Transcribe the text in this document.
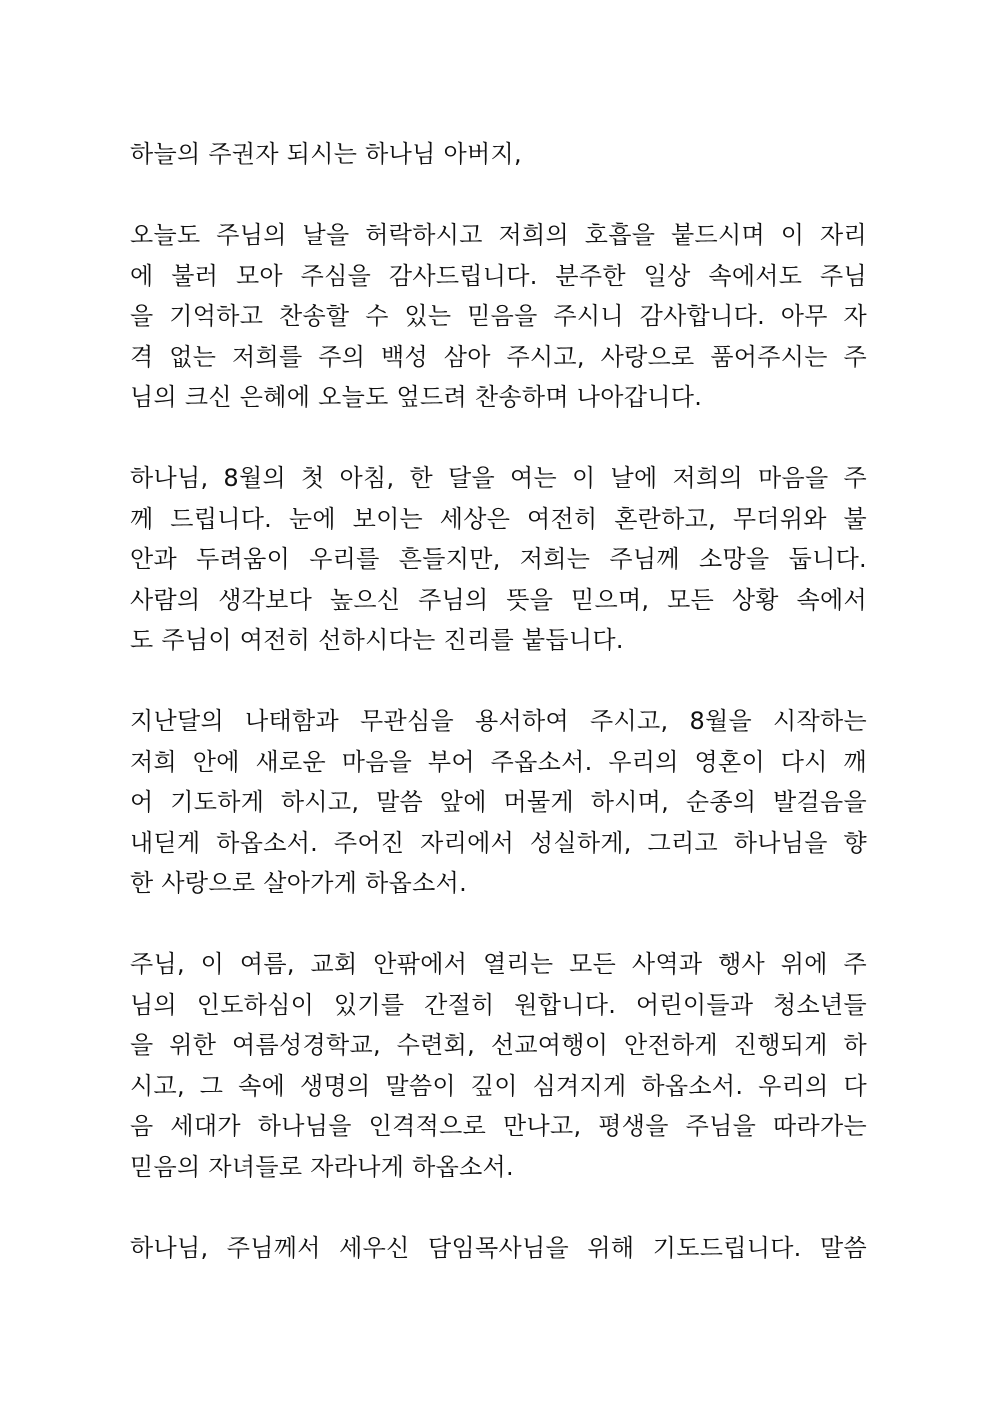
하늘의 주권자 되시는 하나님 아버지,
오늘도 주님의 날을 허락하시고 저희의 호흡을 붙드시며 이 자리
에 불러 모아 주심을 감사드립니다. 분주한 일상 속에서도 주님
을 기억하고 찬송할 수 있는 믿음을 주시니 감사합니다. 아무 자
격 없는 저희를 주의 백성 삼아 주시고, 사랑으로 품어주시는 주
님의 크신 은혜에 오늘도 엎드려 찬송하며 나아갑니다.
하나님, 8월의 첫 아침, 한 달을 여는 이 날에 저희의 마음을 주
께 드립니다. 눈에 보이는 세상은 여전히 혼란하고, 무더위와 불
안과 두려움이 우리를 흔들지만, 저희는 주님께 소망을 둡니다.
사람의 생각보다 높으신 주님의 뜻을 믿으며, 모든 상황 속에서
도 주님이 여전히 선하시다는 진리를 붙듭니다.
지난달의 나태함과 무관심을 용서하여 주시고, 8월을 시작하는
저희 안에 새로운 마음을 부어 주옵소서. 우리의 영혼이 다시 깨
어 기도하게 하시고, 말씀 앞에 머물게 하시며, 순종의 발걸음을
내딛게 하옵소서. 주어진 자리에서 성실하게, 그리고 하나님을 향
한 사랑으로 살아가게 하옵소서.
주님, 이 여름, 교회 안팎에서 열리는 모든 사역과 행사 위에 주
님의 인도하심이 있기를 간절히 원합니다. 어린이들과 청소년들
을 위한 여름성경학교, 수련회, 선교여행이 안전하게 진행되게 하
시고, 그 속에 생명의 말씀이 깊이 심겨지게 하옵소서. 우리의 다
음 세대가 하나님을 인격적으로 만나고, 평생을 주님을 따라가는
믿음의 자녀들로 자라나게 하옵소서.
하나님, 주님께서 세우신 담임목사님을 위해 기도드립니다. 말씀
